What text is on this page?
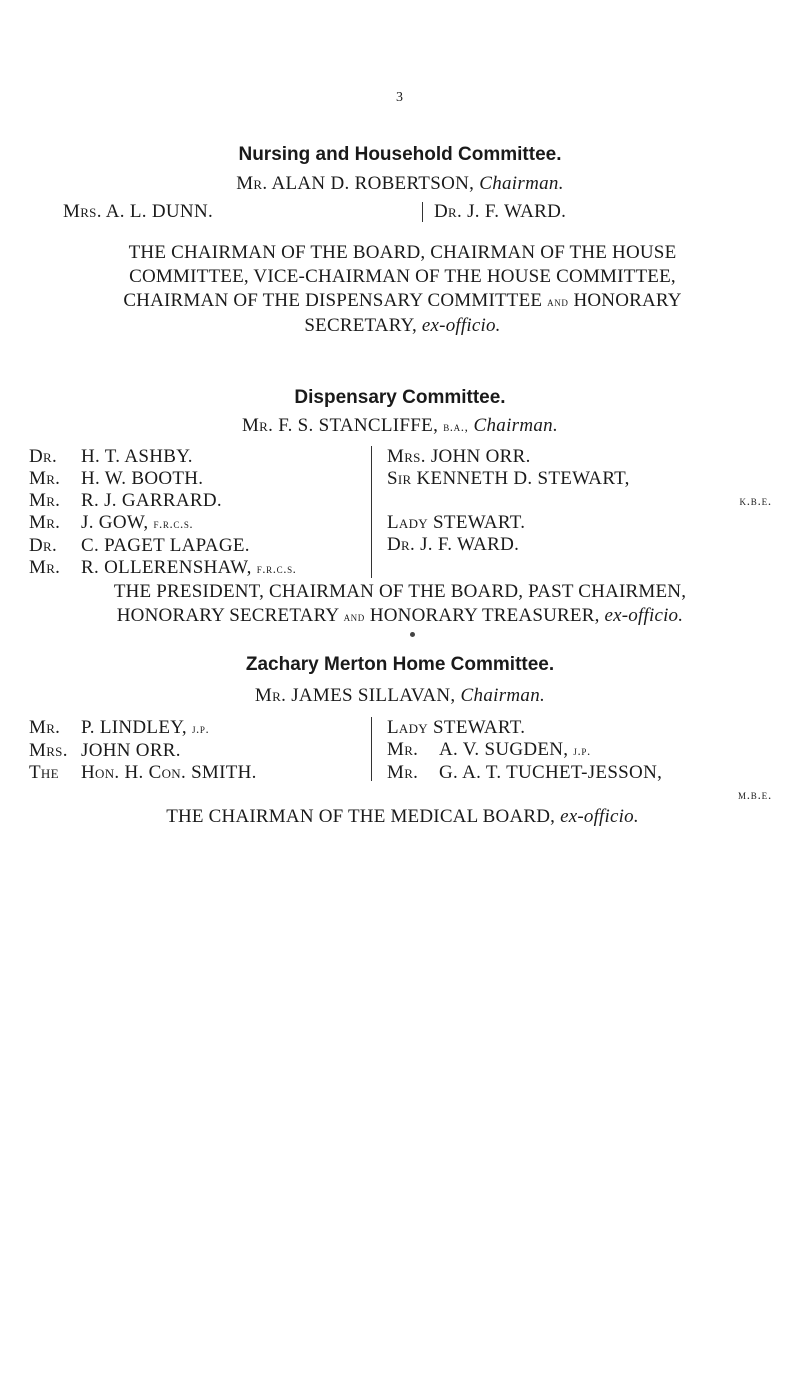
3
Nursing and Household Committee.
Mr. ALAN D. ROBERTSON, Chairman.
Mrs. A. L. DUNN.	Dr. J. F. WARD.
THE CHAIRMAN OF THE BOARD, CHAIRMAN OF THE HOUSE
COMMITTEE, VICE-CHAIRMAN OF THE HOUSE COMMITTEE,
CHAIRMAN OF THE DISPENSARY COMMITTEE and HONORARY
SECRETARY, ex-officio.
Dispensary Committee.
Mr. F. S. STANCLIFFE, b.a., Chairman.
Dr. H. T. ASHBY.
Mr. H. W. BOOTH.
Mr. R. J. GARRARD.
Mr. J. GOW, f.r.c.s.
Dr. C. PAGET LAPAGE.
Mr. R. OLLERENSHAW, f.r.c.s.
Mrs. JOHN ORR.
Sir KENNETH D. STEWART,
k.b.e.
Lady STEWART.
Dr. J. F. WARD.
THE PRESIDENT, CHAIRMAN OF THE BOARD, PAST CHAIRMEN,
HONORARY SECRETARY and HONORARY TREASURER, ex-officio.
Zachary Merton Home Committee.
Mr. JAMES SILLAVAN, Chairman.
Mr. P. LINDLEY, j.p.
Mrs. JOHN ORR.
The Hon. H. Con. SMITH.
Lady STEWART.
Mr. A. V. SUGDEN, j.p.
Mr. G. A. T. TUCHET-JESSON,
m.b.e.
THE CHAIRMAN OF THE MEDICAL BOARD, ex-officio.
